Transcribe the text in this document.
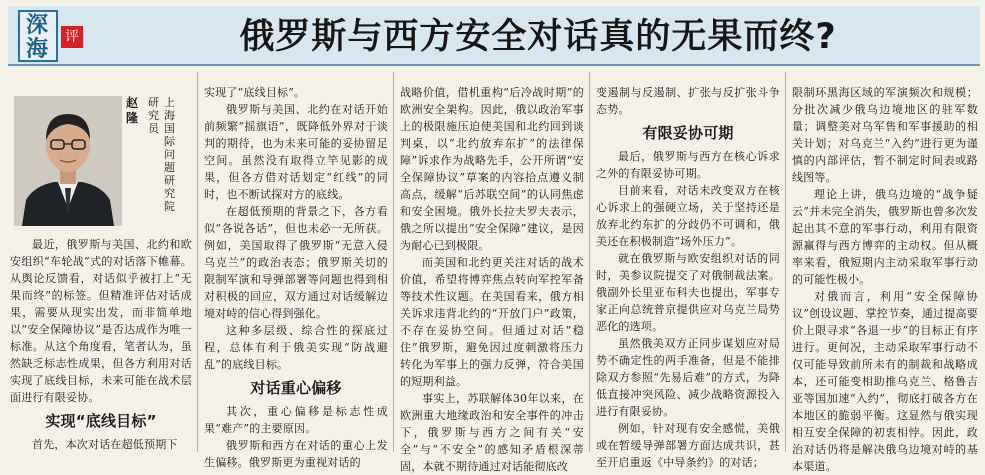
深
海	评	俄罗斯与西方安全对话真的无果而终?
赵隆
研究员
上海国际问题研究院

最近，俄罗斯与美国、北约和欧安组织“车轮战”式的对话落下帷幕。从舆论反馈看，对话似乎被打上“无果而终”的标签。但精准评估对话成果，需要从现实出发，而非简单地以“安全保障协议”是否达成作为唯一标准。从这个角度看，笔者认为，虽然缺乏标志性成果，但各方利用对话实现了底线目标，未来可能在战术层面进行有限妥协。

实现“底线目标”

首先，本次对话在超低预期下

实现了“底线目标”。

俄罗斯与美国、北约在对话开始前频繁“摇旗语”，既降低外界对于谈判的期待，也为未来可能的妥协留足空间。虽然没有取得立竿见影的成果，但各方借对话划定“红线”的同时，也不断试探对方的底线。

在超低预期的背景之下，各方看似“各说各话”，但也未必一无所获。例如，美国取得了俄罗斯“无意入侵乌克兰”的政治表态；俄罗斯关切的限制军演和导弹部署等问题也得到相对积极的回应，双方通过对话缓解边境对峙的信心得到强化。

这种多层级、综合性的探底过程，总体有利于俄美实现“防战避乱”的底线目标。

对话重心偏移

其次，重心偏移是标志性成果“难产”的主要原因。

俄罗斯和西方在对话的重心上发生偏移。俄罗斯更为重视对话的

战略价值，借机重构“后冷战时期”的欧洲安全架构。因此，俄以政治军事上的极限施压迫使美国和北约回到谈判桌，以“北约放弃东扩”的法律保障”诉求作为战略先手，公开所谓“安全保障协议”草案的内容拾点遵义制高点，缓解“后苏联空间”的认同焦虑和安全困境。俄外长拉夫罗夫表示，俄之所以提出“安全保障”建议，是因为耐心已到极限。

而美国和北约更关注对话的战术价值，希望将博弈焦点转向军控军备等技术性议题。在美国看来，俄方相关诉求违背北约的“开放门户”政策，不存在妥协空间。但通过对话“稳住”俄罗斯，避免因过度刺激将压力转化为军事上的强力反弹，符合美国的短期利益。

事实上，苏联解体30年以来，在欧洲重大地缘政治和安全事件的冲击下，俄罗斯与西方之间有关“安全”与“不安全”的感知矛盾根深蒂固，本就不期待通过对话能彻底改

变遏制与反遏制、扩张与反扩张斗争态势。

有限妥协可期

最后，俄罗斯与西方在核心诉求之外的有限妥协可期。

目前来看，对话未改变双方在核心诉求上的强硬立场，关于坚持还是放弃北约东扩的分歧仍不可调和，俄美还在积极制造“场外压力”。

就在俄罗斯与欧安组织对话的同时，美参议院提交了对俄制裁法案。俄副外长里亚布科夫也提出，军事专家正向总统普京提供应对乌克兰局势恶化的选项。

虽然俄美双方正同步谋划应对局势不确定性的两手准备，但是不能排除双方参照“先易后难”的方式，为降低直接冲突风险、减少战略资源投入进行有限妥协。

例如，针对现有安全感慌，美俄或在暂缓导弹部署方面达成共识，甚至开启重返《中导条约》的对话；

限制环黑海区域的军演频次和规模；分批次减少俄乌边境地区的驻军数量；调整美对乌军售和军事援助的相关计划；对乌克兰“入约”进行更为谨慎的内部评估，暂不制定时间表或路线图等。

理论上讲，俄乌边境的“战争疑云”并未完全消失，俄罗斯也曾多次发起出其不意的军事行动，利用有限资源赢得与西方博弈的主动权。但从概率来看，俄短期内主动采取军事行动的可能性极小。

对俄而言，利用“安全保障协议”创设议题、掌控节奏，通过提高要价上限寻求“各退一步”的目标正有序进行。更何况，主动采取军事行动不仅可能导致前所未有的制裁和战略成本，还可能变相助推乌克兰、格鲁吉亚等国加速“入约”，彻底打破各方在本地区的脆弱平衡。这显然与俄实现相互安全保障的初衷相悖。因此，政治对话仍将是解决俄乌边境对峙的基本渠道。
